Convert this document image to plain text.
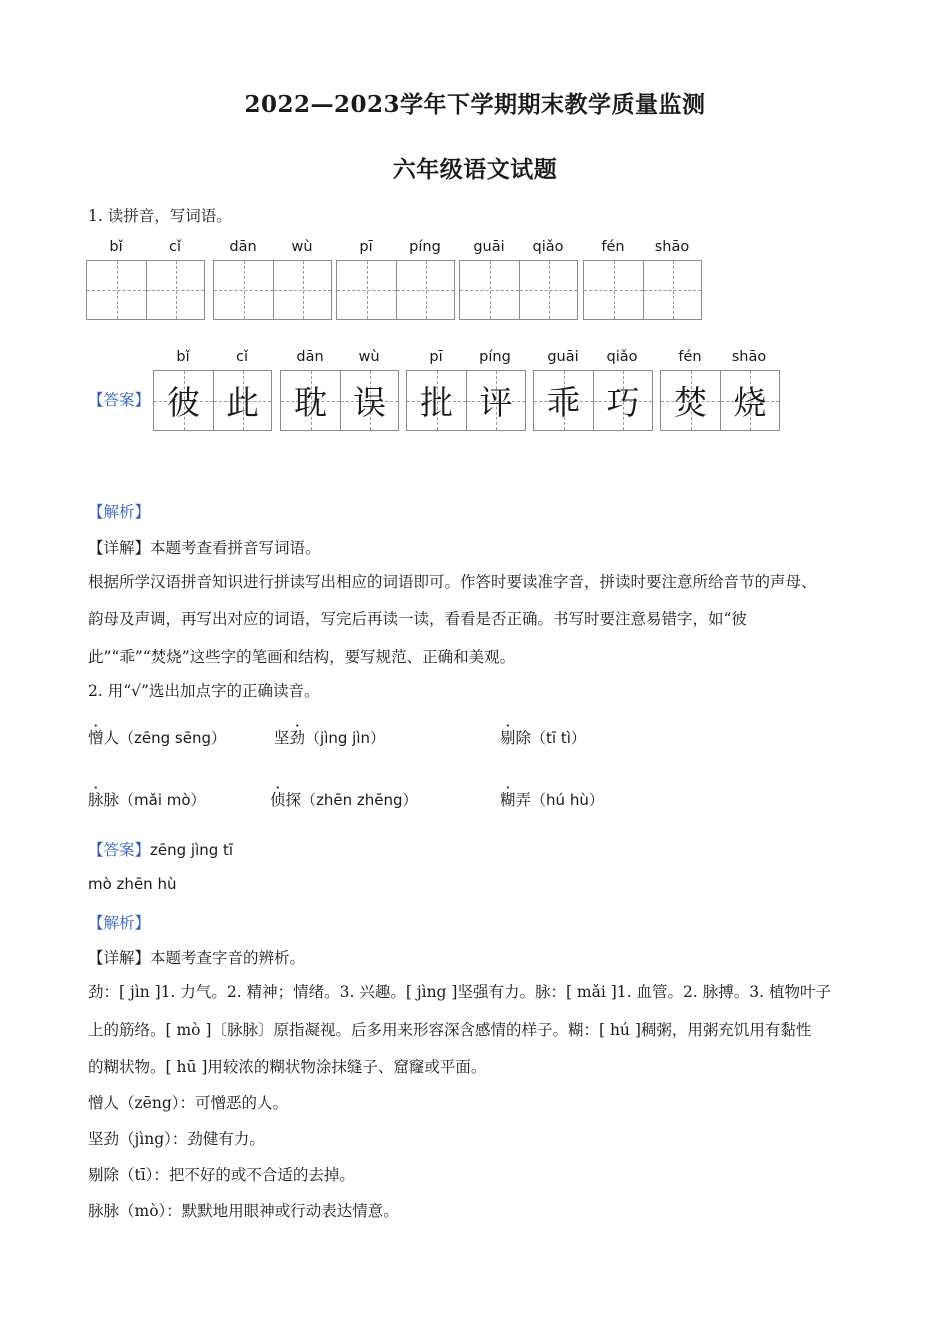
2022—2023学年下学期期末教学质量监测
六年级语文试题
1. 读拼音，写词语。
bǐ	cǐ	dān	wù	pī	píng	guāi	qiǎo	fén	shāo
bǐ	cǐ	dān	wù	pī	píng	guāi	qiǎo	fén	shāo
【答案】 彼 此	耽 误	批 评	乖 巧	焚 烧
【解析】
【详解】本题考查看拼音写词语。
根据所学汉语拼音知识进行拼读写出相应的词语即可。作答时要读准字音，拼读时要注意所给音节的声母、
韵母及声调，再写出对应的词语，写完后再读一读，看看是否正确。书写时要注意易错字，如“彼
此”“乖”“焚烧”这些字的笔画和结构，要写规范、正确和美观。
2. 用“√”选出加点字的正确读音。
憎人（zēng sēng）	坚劲（jìng jìn）	剔除（tī tì）
脉脉（mǎi mò）	侦探（zhēn zhēng）	糊弄（hú hù）
【答案】zēng jìng tī
mò zhēn hù
【解析】
【详解】本题考查字音的辨析。
劲：[ jìn ]1. 力气。2. 精神；情绪。3. 兴趣。[ jìng ]坚强有力。脉：[ mǎi ]1. 血管。2. 脉搏。3. 植物叶子
上的筋络。[ mò ]〔脉脉〕原指凝视。后多用来形容深含感情的样子。糊：[ hú ]稠粥，用粥充饥用有黏性
的糊状物。[ hū ]用较浓的糊状物涂抹缝子、窟窿或平面。
憎人（zēng）：可憎恶的人。
坚劲（jìng）：劲健有力。
剔除（tī）：把不好的或不合适的去掉。
脉脉（mò）：默默地用眼神或行动表达情意。
